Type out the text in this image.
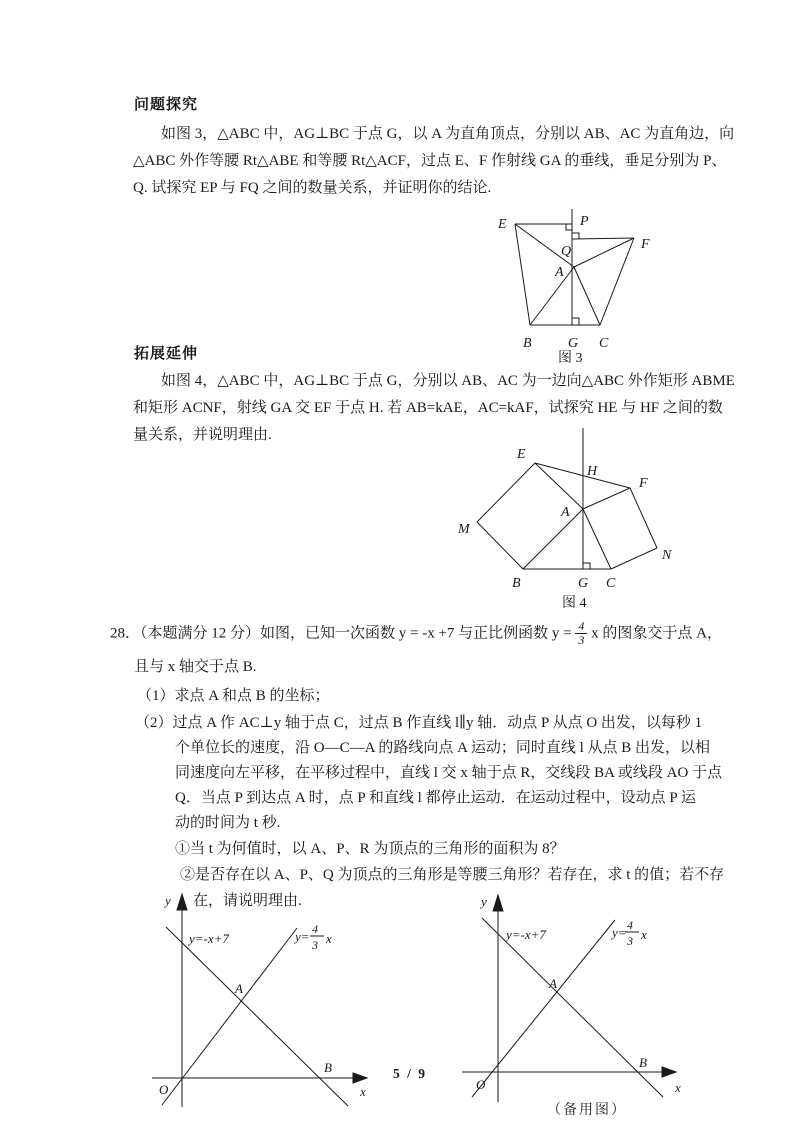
问题探究
如图 3，△ABC 中，AG⊥BC 于点 G，以 A 为直角顶点，分别以 AB、AC 为直角边，向
△ABC 外作等腰 Rt△ABE 和等腰 Rt△ACF，过点 E、F 作射线 GA 的垂线，垂足分别为 P、
Q. 试探究 EP 与 FQ 之间的数量关系，并证明你的结论.
E	P
Q
A
F
B	G C
图 3
拓展延伸
如图 4，△ABC 中，AG⊥BC 于点 G，分别以 AB、AC 为一边向△ABC 外作矩形 ABME
和矩形 ACNF，射线 GA 交 EF 于点 H. 若 AB=kAE，AC=kAF，试探究 HE 与 HF 之间的数
量关系，并说明理由.
E
H
F
A
M
N
B	G C
图 4
28．（本题满分 12 分）如图，已知一次函数 y = -x +7 与正比例函数 $y = \frac{4}{3}$ x 的图象交于点 A，
且与 x 轴交于点 B.
（1）求点 A 和点 B 的坐标；
（2）过点 A 作 AC⊥y 轴于点 C，过点 B 作直线 l∥y 轴．动点 P 从点 O 出发，以每秒 1
个单位长的速度，沿 O—C—A 的路线向点 A 运动；同时直线 l 从点 B 出发，以相
同速度向左平移，在平移过程中，直线 l 交 x 轴于点 R，交线段 BA 或线段 AO 于点
Q．当点 P 到达点 A 时，点 P 和直线 l 都停止运动．在运动过程中，设动点 P 运
动的时间为 t 秒.
①当 t 为何值时，以 A、P、R 为顶点的三角形的面积为 8？
②是否存在以 A、P、Q 为顶点的三角形是等腰三角形？若存在，求 t 的值；若不存
在，请说明理由.
y
x
O
A
B
y=-x+7	y= 4
3 x
y
x
O
A
B
y=-x+7	y= 4
3 x
（备用图）
5 / 9
